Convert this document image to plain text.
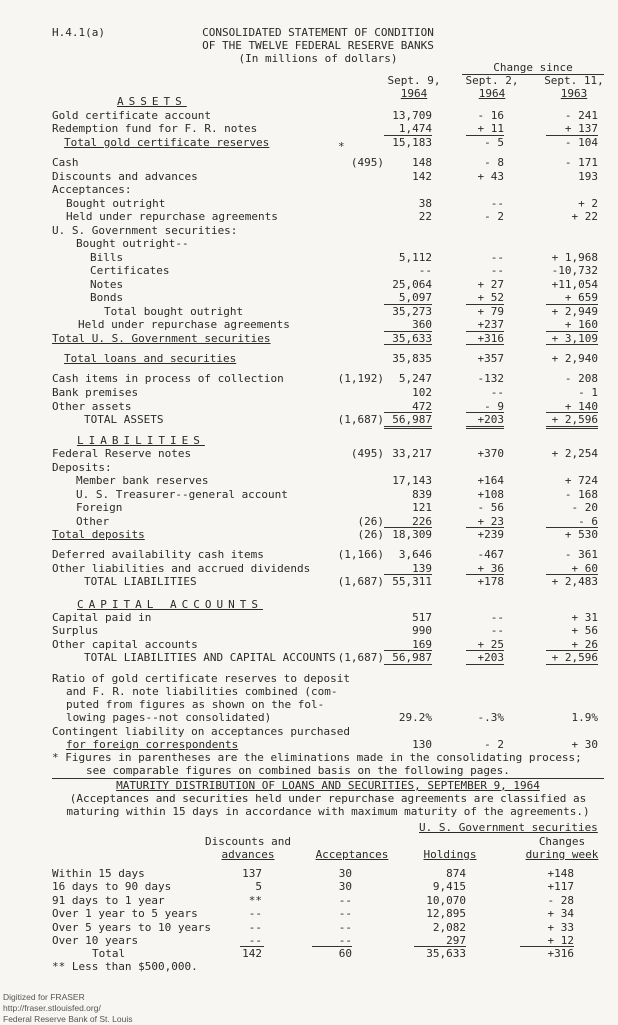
H.4.1(a)	CONSOLIDATED STATEMENT OF CONDITION
OF THE TWELVE FEDERAL RESERVE BANKS
(In millions of dollars)
Change since
Sept. 9,
1964
Sept. 2,
1964
Sept. 11,
1963
ASSETS
LIABILITIES
CAPITAL ACCOUNTS
Gold certificate account	13,709	- 16	- 241
Redemption fund for F. R. notes	1,474	+ 11	+ 137
Total gold certificate reserves	*	15,183	- 5	- 104
Cash	(495)	148	- 8	- 171
Discounts and advances	142	+ 43	193
Acceptances:
Bought outright	38	--	+ 2
Held under repurchase agreements	22	- 2	+ 22
U. S. Government securities:
Bought outright--
Bills	5,112	--	+ 1,968
Certificates	--	--	-10,732
Notes	25,064	+ 27	+11,054
Bonds	5,097	+ 52	+ 659
Total bought outright	35,273	+ 79	+ 2,949
Held under repurchase agreements	360	+237	+ 160
Total U. S. Government securities	35,633	+316	+ 3,109
Total loans and securities	35,835	+357	+ 2,940
Cash items in process of collection	(1,192)	5,247	-132	- 208
Bank premises	102	--	- 1
Other assets	472	- 9	+ 140
TOTAL ASSETS	(1,687) 56,987	+203	+ 2,596
Federal Reserve notes	(495) 33,217	+370	+ 2,254
Deposits:
Member bank reserves	17,143	+164	+ 724
U. S. Treasurer--general account	839	+108	- 168
Foreign	121	- 56	- 20
Other	(26)	226	+ 23	- 6
Total deposits	(26) 18,309	+239	+ 530
Deferred availability cash items	(1,166)	3,646	-467	- 361
Other liabilities and accrued dividends	139	+ 36	+ 60
TOTAL LIABILITIES	(1,687) 55,311	+178	+ 2,483
Capital paid in	517	--	+ 31
Surplus	990	--	+ 56
Other capital accounts	169	+ 25	+ 26
TOTAL LIABILITIES AND CAPITAL ACCOUNTS (1,687) 56,987	+203	+ 2,596
Ratio of gold certificate reserves to deposit
and F. R. note liabilities combined (com-
puted from figures as shown on the fol-
lowing pages--not consolidated)	29.2%	-.3%	1.9%
Contingent liability on acceptances purchased
for foreign correspondents	130	- 2	+ 30
* Figures in parentheses are the eliminations made in the consolidating process;
see comparable figures on combined basis on the following pages.
MATURITY DISTRIBUTION OF LOANS AND SECURITIES, SEPTEMBER 9, 1964
(Acceptances and securities held under repurchase agreements are classified as
maturing within 15 days in accordance with maximum maturity of the agreements.)
U. S. Government securities
Discounts and
advances	Acceptances	Holdings
Changes
during week
Within 15 days	137	30	874	+148
16 days to 90 days	5	30	9,415	+117
91 days to 1 year	**	--	10,070	- 28
Over 1 year to 5 years	--	--	12,895	+ 34
Over 5 years to 10 years	--	--	2,082	+ 33
Over 10 years	--	--	297	+ 12
Total	142	60	35,633	+316
** Less than $500,000.
Digitized for FRASER
http://fraser.stlouisfed.org/
Federal Reserve Bank of St. Louis
